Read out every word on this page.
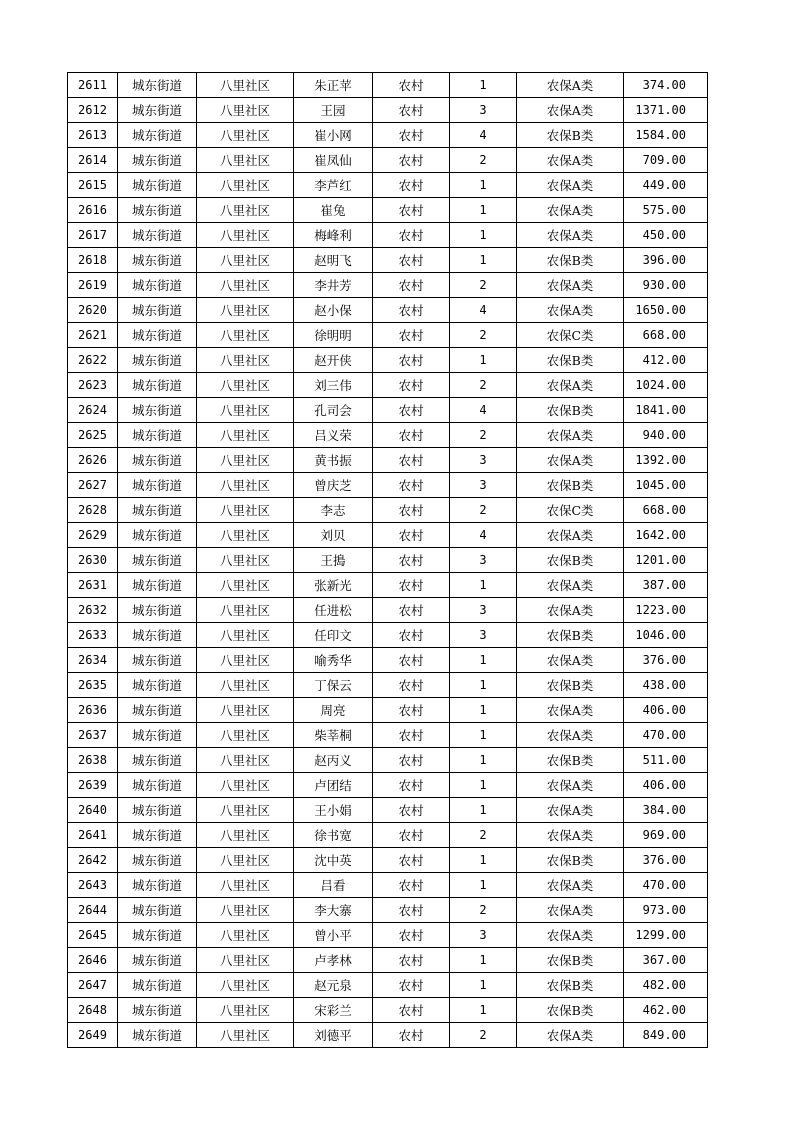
2611	城东街道	八里社区	朱正苹	农村	1	农保A类	374.00
2612	城东街道	八里社区	王园	农村	3	农保A类	1371.00
2613	城东街道	八里社区	崔小网	农村	4	农保B类	1584.00
2614	城东街道	八里社区	崔凤仙	农村	2	农保A类	709.00
2615	城东街道	八里社区	李芦红	农村	1	农保A类	449.00
2616	城东街道	八里社区	崔兔	农村	1	农保A类	575.00
2617	城东街道	八里社区	梅峰利	农村	1	农保A类	450.00
2618	城东街道	八里社区	赵明飞	农村	1	农保B类	396.00
2619	城东街道	八里社区	李井芳	农村	2	农保A类	930.00
2620	城东街道	八里社区	赵小保	农村	4	农保A类	1650.00
2621	城东街道	八里社区	徐明明	农村	2	农保C类	668.00
2622	城东街道	八里社区	赵开侠	农村	1	农保B类	412.00
2623	城东街道	八里社区	刘三伟	农村	2	农保A类	1024.00
2624	城东街道	八里社区	孔司会	农村	4	农保B类	1841.00
2625	城东街道	八里社区	吕义荣	农村	2	农保A类	940.00
2626	城东街道	八里社区	黄书振	农村	3	农保A类	1392.00
2627	城东街道	八里社区	曾庆芝	农村	3	农保B类	1045.00
2628	城东街道	八里社区	李志	农村	2	农保C类	668.00
2629	城东街道	八里社区	刘贝	农村	4	农保A类	1642.00
2630	城东街道	八里社区	王搗	农村	3	农保B类	1201.00
2631	城东街道	八里社区	张新光	农村	1	农保A类	387.00
2632	城东街道	八里社区	任进松	农村	3	农保A类	1223.00
2633	城东街道	八里社区	任印文	农村	3	农保B类	1046.00
2634	城东街道	八里社区	喻秀华	农村	1	农保A类	376.00
2635	城东街道	八里社区	丁保云	农村	1	农保B类	438.00
2636	城东街道	八里社区	周亮	农村	1	农保A类	406.00
2637	城东街道	八里社区	柴莘桐	农村	1	农保A类	470.00
2638	城东街道	八里社区	赵丙义	农村	1	农保B类	511.00
2639	城东街道	八里社区	卢团结	农村	1	农保A类	406.00
2640	城东街道	八里社区	王小娟	农村	1	农保A类	384.00
2641	城东街道	八里社区	徐书宽	农村	2	农保A类	969.00
2642	城东街道	八里社区	沈中英	农村	1	农保B类	376.00
2643	城东街道	八里社区	吕看	农村	1	农保A类	470.00
2644	城东街道	八里社区	李大寨	农村	2	农保A类	973.00
2645	城东街道	八里社区	曾小平	农村	3	农保A类	1299.00
2646	城东街道	八里社区	卢孝林	农村	1	农保B类	367.00
2647	城东街道	八里社区	赵元泉	农村	1	农保B类	482.00
2648	城东街道	八里社区	宋彩兰	农村	1	农保B类	462.00
2649	城东街道	八里社区	刘德平	农村	2	农保A类	849.00
